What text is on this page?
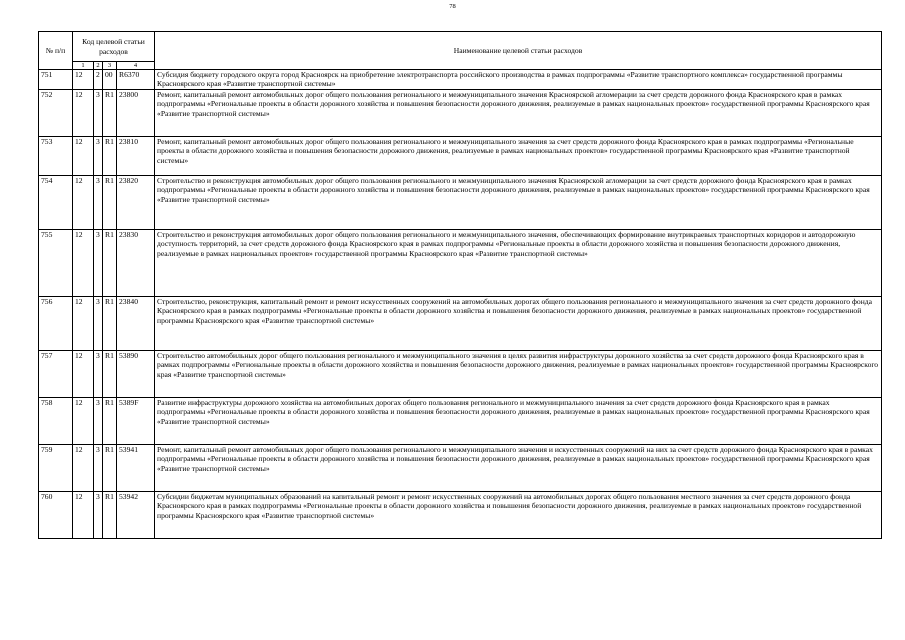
78
№ п/п	Код целевой статьи расходов				Наименование целевой статьи расходов
	1	2	3	4	
751	12	2	00	R6370	Субсидия бюджету городского округа город Красноярск на приобретение электротранспорта российского производства в рамках подпрограммы «Развитие транспортного комплекса» государственной программы Красноярского края «Развитие транспортной системы»
752	12	3	R1	23800	Ремонт, капитальный ремонт автомобильных дорог общего пользования регионального и межмуниципального значения Красноярской агломерации за счет средств дорожного фонда Красноярского края в рамках подпрограммы «Региональные проекты в области дорожного хозяйства и повышения безопасности дорожного движения, реализуемые в рамках национальных проектов» государственной программы Красноярского края «Развитие транспортной системы»
753	12	3	R1	23810	Ремонт, капитальный ремонт автомобильных дорог общего пользования регионального и межмуниципального значения за счет средств дорожного фонда Красноярского края в рамках подпрограммы «Региональные проекты в области дорожного хозяйства и повышения безопасности дорожного движения, реализуемые в рамках национальных проектов» государственной программы Красноярского края «Развитие транспортной системы»
754	12	3	R1	23820	Строительство и реконструкция автомобильных дорог общего пользования регионального и межмуниципального значения Красноярской агломерации за счет средств дорожного фонда Красноярского края в рамках подпрограммы «Региональные проекты в области дорожного хозяйства и повышения безопасности дорожного движения, реализуемые в рамках национальных проектов» государственной программы Красноярского края «Развитие транспортной системы»
755	12	3	R1	23830	Строительство и реконструкция автомобильных дорог общего пользования регионального и межмуниципального значения, обеспечивающих формирование внутрикраевых транспортных коридоров и автодорожную доступность территорий, за счет средств дорожного фонда Красноярского края в рамках подпрограммы «Региональные проекты в области дорожного хозяйства и повышения безопасности дорожного движения, реализуемые в рамках национальных проектов» государственной программы Красноярского края «Развитие транспортной системы»
756	12	3	R1	23840	Строительство, реконструкция, капитальный ремонт и ремонт искусственных сооружений на автомобильных дорогах общего пользования регионального и межмуниципального значения за счет средств дорожного фонда Красноярского края в рамках подпрограммы «Региональные проекты в области дорожного хозяйства и повышения безопасности дорожного движения, реализуемые в рамках национальных проектов» государственной программы Красноярского края «Развитие транспортной системы»
757	12	3	R1	53890	Строительство автомобильных дорог общего пользования регионального и межмуниципального значения в целях развития инфраструктуры дорожного хозяйства за счет средств дорожного фонда Красноярского края в рамках подпрограммы «Региональные проекты в области дорожного хозяйства и повышения безопасности дорожного движения, реализуемые в рамках национальных проектов» государственной программы Красноярского края «Развитие транспортной системы»
758	12	3	R1	5389F	Развитие инфраструктуры дорожного хозяйства на автомобильных дорогах общего пользования регионального и межмуниципального значения за счет средств дорожного фонда Красноярского края в рамках подпрограммы «Региональные проекты в области дорожного хозяйства и повышения безопасности дорожного движения, реализуемые в рамках национальных проектов» государственной программы Красноярского края «Развитие транспортной системы»
759	12	3	R1	53941	Ремонт, капитальный ремонт автомобильных дорог общего пользования регионального и межмуниципального значения и искусственных сооружений на них за счет средств дорожного фонда Красноярского края в рамках подпрограммы «Региональные проекты в области дорожного хозяйства и повышения безопасности дорожного движения, реализуемые в рамках национальных проектов» государственной программы Красноярского края «Развитие транспортной системы»
760	12	3	R1	53942	Субсидии бюджетам муниципальных образований на капитальный ремонт и ремонт искусственных сооружений на автомобильных дорогах общего пользования местного значения за счет средств дорожного фонда Красноярского края в рамках подпрограммы «Региональные проекты в области дорожного хозяйства и повышения безопасности дорожного движения, реализуемые в рамках национальных проектов» государственной программы Красноярского края «Развитие транспортной системы»
